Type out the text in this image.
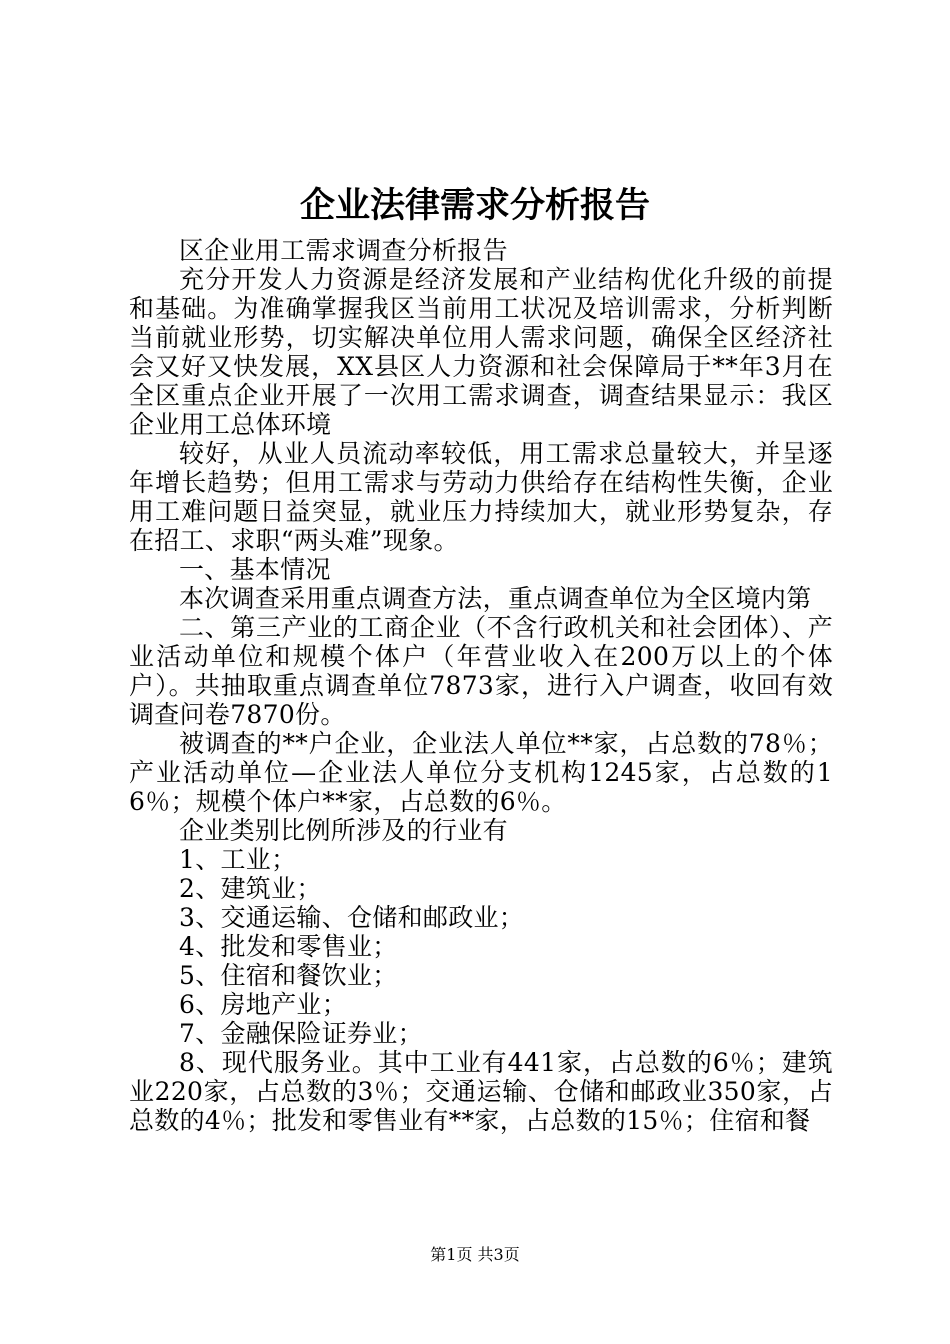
企业法律需求分析报告

区企业用工需求调查分析报告

充分开发人力资源是经济发展和产业结构优化升级的前提和基础。为准确掌握我区当前用工状况及培训需求，分析判断当前就业形势，切实解决单位用人需求问题，确保全区经济社会又好又快发展，XX县区人力资源和社会保障局于**年3月在全区重点企业开展了一次用工需求调查，调查结果显示：我区企业用工总体环境

较好，从业人员流动率较低，用工需求总量较大，并呈逐年增长趋势；但用工需求与劳动力供给存在结构性失衡，企业用工难问题日益突显，就业压力持续加大，就业形势复杂，存在招工、求职“两头难”现象。

一、基本情况

本次调查采用重点调查方法，重点调查单位为全区境内第

二、第三产业的工商企业（不含行政机关和社会团体）、产业活动单位和规模个体户（年营业收入在200万以上的个体户）。共抽取重点调查单位7873家，进行入户调查，收回有效调查问卷7870份。

被调查的**户企业，企业法人单位**家，占总数的78％；产业活动单位—企业法人单位分支机构1245家，占总数的16％；规模个体户**家，占总数的6％。

企业类别比例所涉及的行业有

1、工业；

2、建筑业；

3、交通运输、仓储和邮政业；

4、批发和零售业；

5、住宿和餐饮业；

6、房地产业；

7、金融保险证券业；

8、现代服务业。其中工业有441家，占总数的6％；建筑业220家，占总数的3％；交通运输、仓储和邮政业350家，占总数的4％；批发和零售业有**家，占总数的15％；住宿和餐

第1页 共3页
